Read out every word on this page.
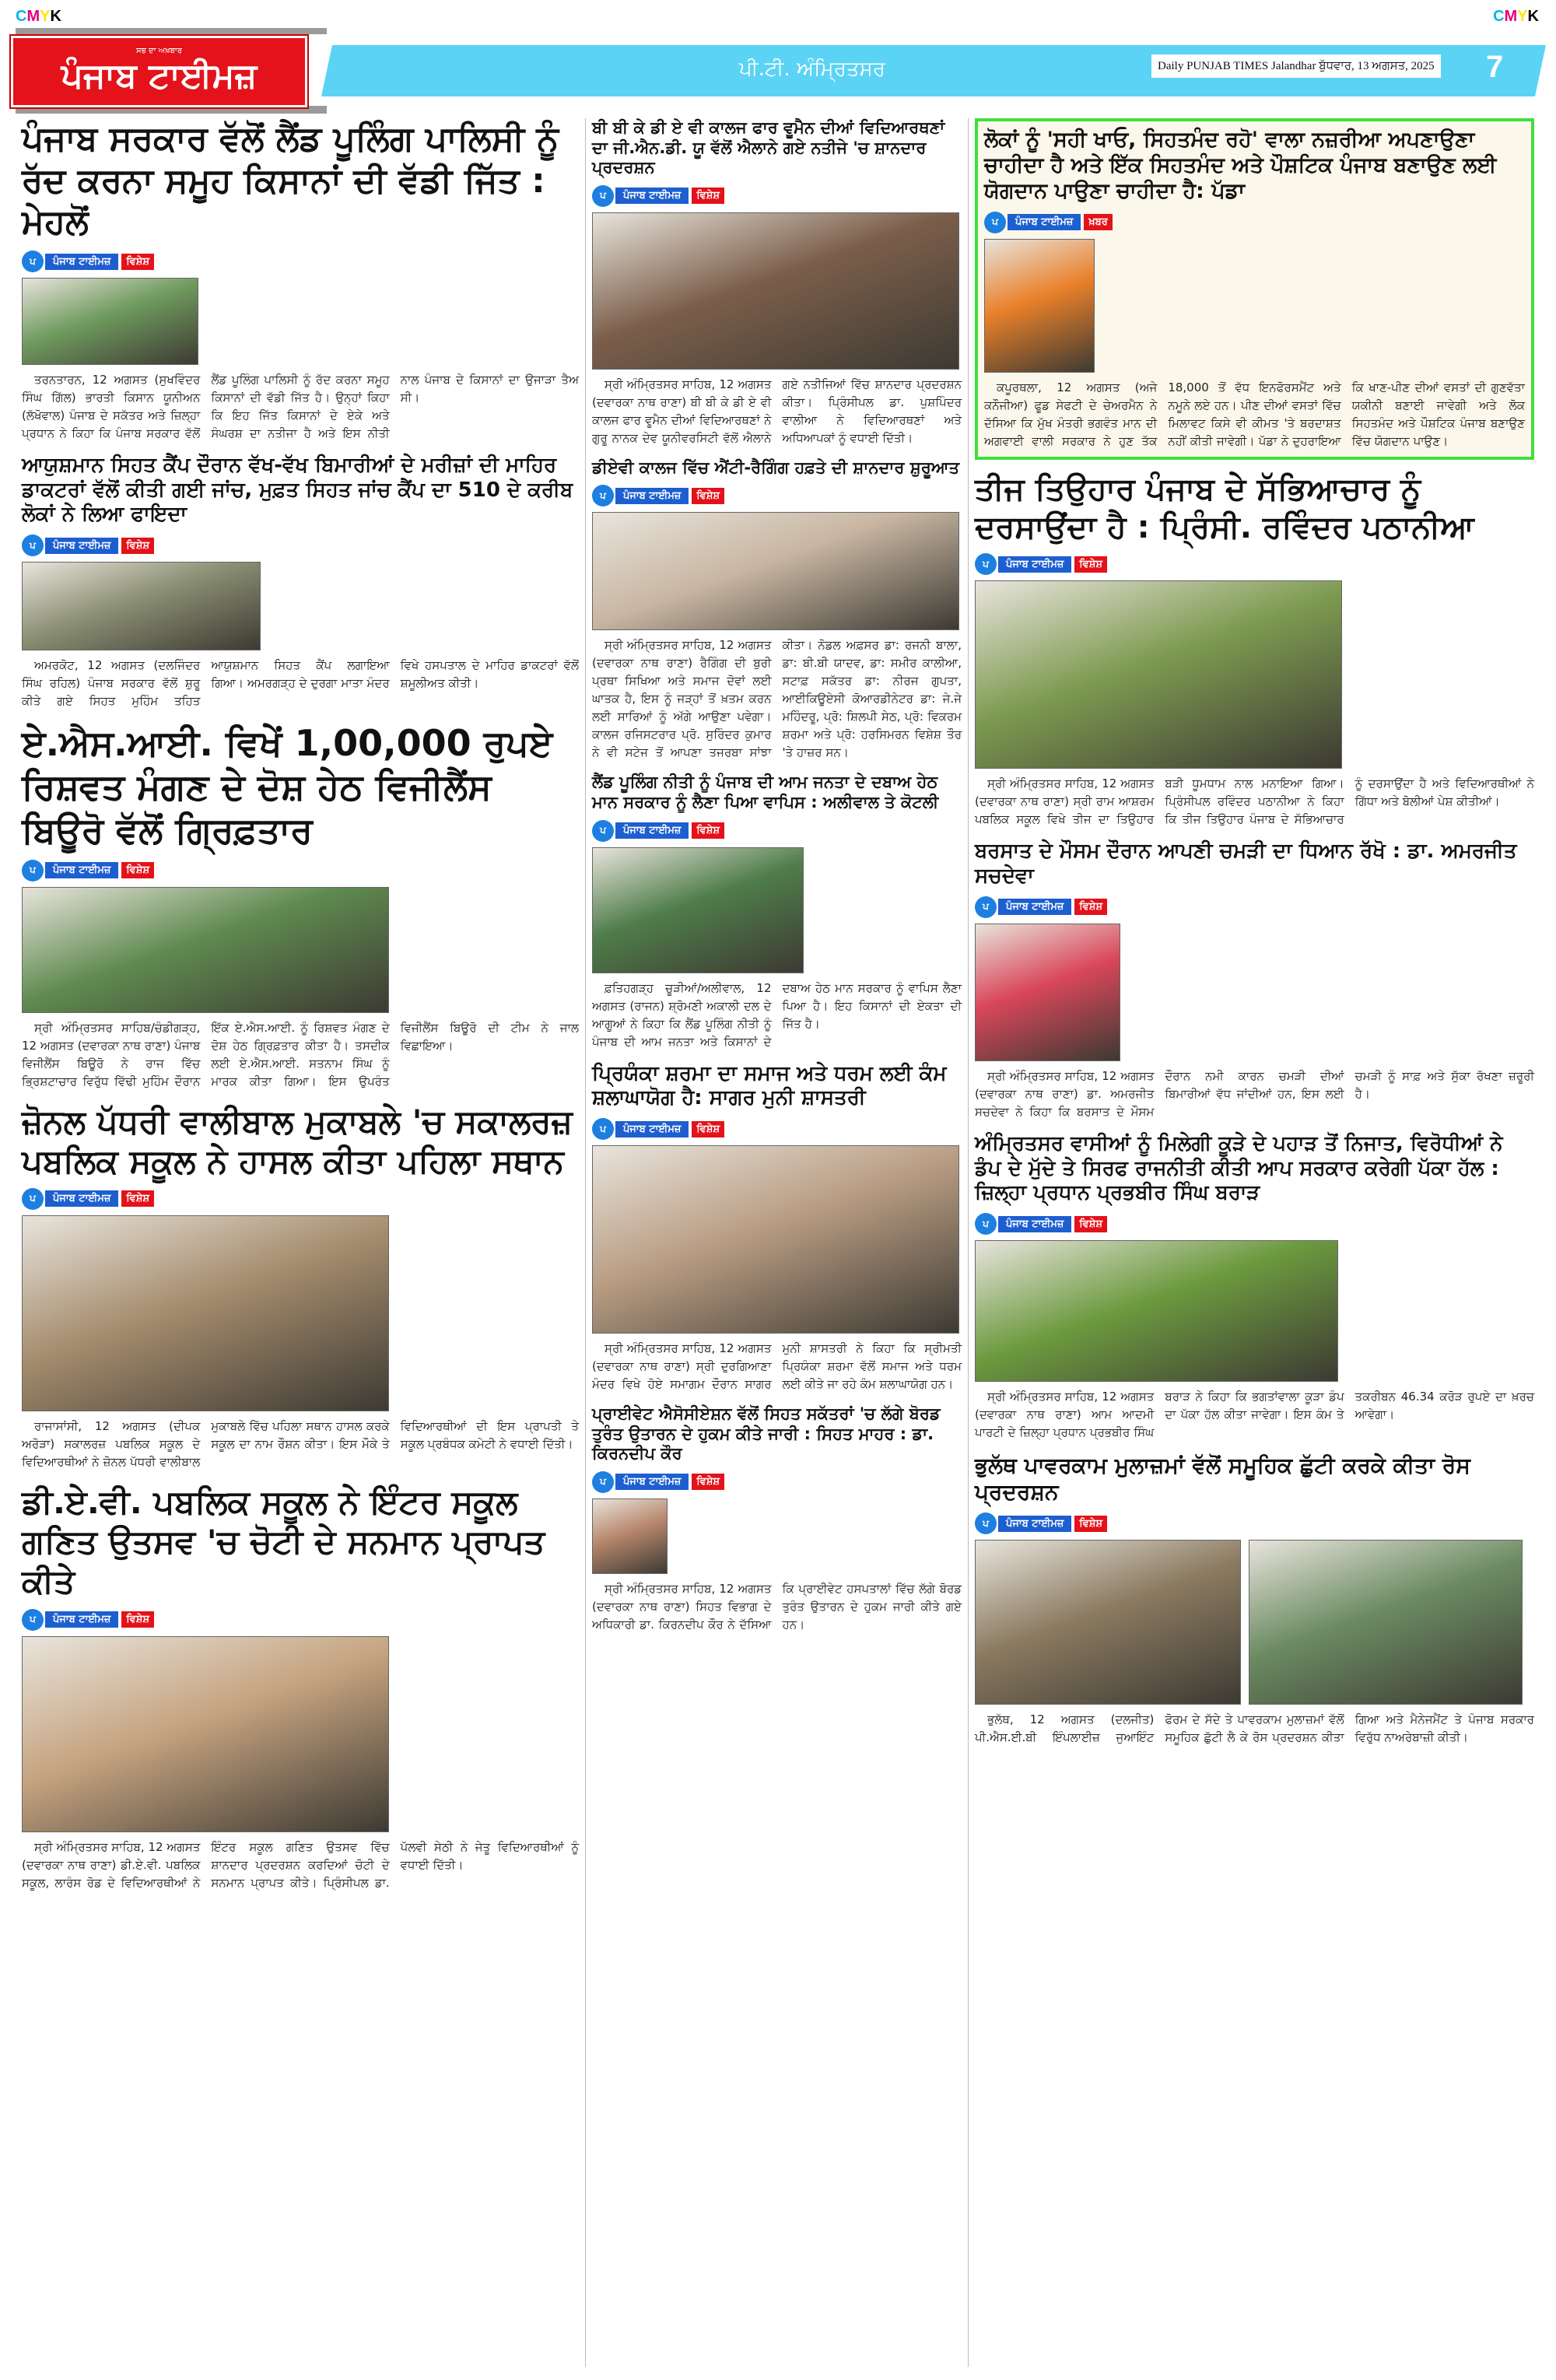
CMYK	CMYK
ਸਭ ਦਾ ਅਖ਼ਬਾਰ
ਪੰਜਾਬ ਟਾਈਮਜ਼	ਪੀ.ਟੀ. ਅੰਮ੍ਰਿਤਸਰ	Daily PUNJAB TIMES Jalandhar ਬੁੱਧਵਾਰ, 13 ਅਗਸਤ, 2025 7
ਪੰਜਾਬ ਸਰਕਾਰ ਵੱਲੋਂ ਲੈਂਡ ਪੂਲਿੰਗ ਪਾਲਿਸੀ ਨੂੰ ਰੱਦ ਕਰਨਾ ਸਮੂਹ ਕਿਸਾਨਾਂ ਦੀ ਵੱਡੀ ਜਿੱਤ : ਮੇਹਲੋਂ
ਪ	ਪੰਜਾਬ ਟਾਈਮਜ਼	ਵਿਸ਼ੇਸ਼

ਤਰਨਤਾਰਨ, 12 ਅਗਸਤ (ਸੁਖਵਿੰਦਰ ਸਿੰਘ ਗਿੱਲ) ਭਾਰਤੀ ਕਿਸਾਨ ਯੂਨੀਅਨ (ਲੱਖੋਵਾਲ) ਪੰਜਾਬ ਦੇ ਸਕੱਤਰ ਅਤੇ ਜ਼ਿਲ੍ਹਾ ਪ੍ਰਧਾਨ ਨੇ ਕਿਹਾ ਕਿ ਪੰਜਾਬ ਸਰਕਾਰ ਵੱਲੋਂ ਲੈਂਡ ਪੂਲਿੰਗ ਪਾਲਿਸੀ ਨੂੰ ਰੱਦ ਕਰਨਾ ਸਮੂਹ ਕਿਸਾਨਾਂ ਦੀ ਵੱਡੀ ਜਿੱਤ ਹੈ। ਉਨ੍ਹਾਂ ਕਿਹਾ ਕਿ ਇਹ ਜਿੱਤ ਕਿਸਾਨਾਂ ਦੇ ਏਕੇ ਅਤੇ ਸੰਘਰਸ਼ ਦਾ ਨਤੀਜਾ ਹੈ ਅਤੇ ਇਸ ਨੀਤੀ ਨਾਲ ਪੰਜਾਬ ਦੇ ਕਿਸਾਨਾਂ ਦਾ ਉਜਾੜਾ ਤੈਅ ਸੀ।

ਆਯੁਸ਼ਮਾਨ ਸਿਹਤ ਕੈਂਪ ਦੌਰਾਨ ਵੱਖ-ਵੱਖ ਬਿਮਾਰੀਆਂ ਦੇ ਮਰੀਜ਼ਾਂ ਦੀ ਮਾਹਿਰ ਡਾਕਟਰਾਂ ਵੱਲੋਂ ਕੀਤੀ ਗਈ ਜਾਂਚ, ਮੁਫ਼ਤ ਸਿਹਤ ਜਾਂਚ ਕੈਂਪ ਦਾ 510 ਦੇ ਕਰੀਬ ਲੋਕਾਂ ਨੇ ਲਿਆ ਫਾਇਦਾ
ਪ	ਪੰਜਾਬ ਟਾਈਮਜ਼	ਵਿਸ਼ੇਸ਼

ਅਮਰਕੋਟ, 12 ਅਗਸਤ (ਦਲਜਿੰਦਰ ਸਿੰਘ ਰਹਿਲ) ਪੰਜਾਬ ਸਰਕਾਰ ਵੱਲੋਂ ਸ਼ੁਰੂ ਕੀਤੇ ਗਏ ਸਿਹਤ ਮੁਹਿੰਮ ਤਹਿਤ ਆਯੁਸ਼ਮਾਨ ਸਿਹਤ ਕੈਂਪ ਲਗਾਇਆ ਗਿਆ। ਅਮਰਗੜ੍ਹ ਦੇ ਦੁਰਗਾ ਮਾਤਾ ਮੰਦਰ ਵਿਖੇ ਹਸਪਤਾਲ ਦੇ ਮਾਹਿਰ ਡਾਕਟਰਾਂ ਵੱਲੋਂ ਸ਼ਮੂਲੀਅਤ ਕੀਤੀ।

ਏ.ਐਸ.ਆਈ. ਵਿਖੇਂ 1,00,000 ਰੁਪਏ ਰਿਸ਼ਵਤ ਮੰਗਣ ਦੇ ਦੋਸ਼ ਹੇਠ ਵਿਜੀਲੈਂਸ ਬਿਊਰੋ ਵੱਲੋਂ ਗ੍ਰਿਫ਼ਤਾਰ
ਪ	ਪੰਜਾਬ ਟਾਈਮਜ਼	ਵਿਸ਼ੇਸ਼

ਸ੍ਰੀ ਅੰਮ੍ਰਿਤਸਰ ਸਾਹਿਬ/ਚੰਡੀਗੜ੍ਹ, 12 ਅਗਸਤ (ਦਵਾਰਕਾ ਨਾਥ ਰਾਣਾ) ਪੰਜਾਬ ਵਿਜੀਲੈਂਸ ਬਿਊਰੋ ਨੇ ਰਾਜ ਵਿੱਚ ਭ੍ਰਿਸ਼ਟਾਚਾਰ ਵਿਰੁੱਧ ਵਿੱਢੀ ਮੁਹਿੰਮ ਦੌਰਾਨ ਇੱਕ ਏ.ਐਸ.ਆਈ. ਨੂੰ ਰਿਸ਼ਵਤ ਮੰਗਣ ਦੇ ਦੋਸ਼ ਹੇਠ ਗ੍ਰਿਫ਼ਤਾਰ ਕੀਤਾ ਹੈ। ਤਸਦੀਕ ਲਈ ਏ.ਐਸ.ਆਈ. ਸਤਨਾਮ ਸਿੰਘ ਨੂੰ ਮਾਰਕ ਕੀਤਾ ਗਿਆ। ਇਸ ਉਪਰੰਤ ਵਿਜੀਲੈਂਸ ਬਿਊਰੋ ਦੀ ਟੀਮ ਨੇ ਜਾਲ ਵਿਛਾਇਆ।

ਜ਼ੋਨਲ ਪੱਧਰੀ ਵਾਲੀਬਾਲ ਮੁਕਾਬਲੇ 'ਚ ਸਕਾਲਰਜ਼ ਪਬਲਿਕ ਸਕੂਲ ਨੇ ਹਾਸਲ ਕੀਤਾ ਪਹਿਲਾ ਸਥਾਨ
ਪ	ਪੰਜਾਬ ਟਾਈਮਜ਼	ਵਿਸ਼ੇਸ਼

ਰਾਜਾਸਾਂਸੀ, 12 ਅਗਸਤ (ਦੀਪਕ ਅਰੋੜਾ) ਸਕਾਲਰਜ਼ ਪਬਲਿਕ ਸਕੂਲ ਦੇ ਵਿਦਿਆਰਥੀਆਂ ਨੇ ਜ਼ੋਨਲ ਪੱਧਰੀ ਵਾਲੀਬਾਲ ਮੁਕਾਬਲੇ ਵਿੱਚ ਪਹਿਲਾ ਸਥਾਨ ਹਾਸਲ ਕਰਕੇ ਸਕੂਲ ਦਾ ਨਾਮ ਰੌਸ਼ਨ ਕੀਤਾ। ਇਸ ਮੌਕੇ ਤੇ ਵਿਦਿਆਰਥੀਆਂ ਦੀ ਇਸ ਪ੍ਰਾਪਤੀ ਤੇ ਸਕੂਲ ਪ੍ਰਬੰਧਕ ਕਮੇਟੀ ਨੇ ਵਧਾਈ ਦਿੱਤੀ।

ਡੀ.ਏ.ਵੀ. ਪਬਲਿਕ ਸਕੂਲ ਨੇ ਇੰਟਰ ਸਕੂਲ ਗਣਿਤ ਉਤਸਵ 'ਚ ਚੋਟੀ ਦੇ ਸਨਮਾਨ ਪ੍ਰਾਪਤ ਕੀਤੇ
ਪ	ਪੰਜਾਬ ਟਾਈਮਜ਼	ਵਿਸ਼ੇਸ਼

ਸ੍ਰੀ ਅੰਮ੍ਰਿਤਸਰ ਸਾਹਿਬ, 12 ਅਗਸਤ (ਦਵਾਰਕਾ ਨਾਥ ਰਾਣਾ) ਡੀ.ਏ.ਵੀ. ਪਬਲਿਕ ਸਕੂਲ, ਲਾਰੰਸ ਰੋਡ ਦੇ ਵਿਦਿਆਰਥੀਆਂ ਨੇ ਇੰਟਰ ਸਕੂਲ ਗਣਿਤ ਉਤਸਵ ਵਿੱਚ ਸ਼ਾਨਦਾਰ ਪ੍ਰਦਰਸ਼ਨ ਕਰਦਿਆਂ ਚੋਟੀ ਦੇ ਸਨਮਾਨ ਪ੍ਰਾਪਤ ਕੀਤੇ। ਪ੍ਰਿੰਸੀਪਲ ਡਾ. ਪੱਲਵੀ ਸੇਠੀ ਨੇ ਜੇਤੂ ਵਿਦਿਆਰਥੀਆਂ ਨੂੰ ਵਧਾਈ ਦਿੱਤੀ।

ਬੀ ਬੀ ਕੇ ਡੀ ਏ ਵੀ ਕਾਲਜ ਫਾਰ ਵੂਮੈਨ ਦੀਆਂ ਵਿਦਿਆਰਥਣਾਂ ਦਾ ਜੀ.ਐਨ.ਡੀ. ਯੂ ਵੱਲੋਂ ਐਲਾਨੇ ਗਏ ਨਤੀਜੇ 'ਚ ਸ਼ਾਨਦਾਰ ਪ੍ਰਦਰਸ਼ਨ
ਪ	ਪੰਜਾਬ ਟਾਈਮਜ਼	ਵਿਸ਼ੇਸ਼

ਸ੍ਰੀ ਅੰਮ੍ਰਿਤਸਰ ਸਾਹਿਬ, 12 ਅਗਸਤ (ਦਵਾਰਕਾ ਨਾਥ ਰਾਣਾ) ਬੀ ਬੀ ਕੇ ਡੀ ਏ ਵੀ ਕਾਲਜ ਫਾਰ ਵੂਮੈਨ ਦੀਆਂ ਵਿਦਿਆਰਥਣਾਂ ਨੇ ਗੁਰੂ ਨਾਨਕ ਦੇਵ ਯੂਨੀਵਰਸਿਟੀ ਵੱਲੋਂ ਐਲਾਨੇ ਗਏ ਨਤੀਜਿਆਂ ਵਿੱਚ ਸ਼ਾਨਦਾਰ ਪ੍ਰਦਰਸ਼ਨ ਕੀਤਾ। ਪ੍ਰਿੰਸੀਪਲ ਡਾ. ਪੁਸ਼ਪਿੰਦਰ ਵਾਲੀਆ ਨੇ ਵਿਦਿਆਰਥਣਾਂ ਅਤੇ ਅਧਿਆਪਕਾਂ ਨੂੰ ਵਧਾਈ ਦਿੱਤੀ।

ਡੀਏਵੀ ਕਾਲਜ ਵਿੱਚ ਐਂਟੀ-ਰੈਗਿੰਗ ਹਫ਼ਤੇ ਦੀ ਸ਼ਾਨਦਾਰ ਸ਼ੁਰੂਆਤ
ਪ	ਪੰਜਾਬ ਟਾਈਮਜ਼	ਵਿਸ਼ੇਸ਼

ਸ੍ਰੀ ਅੰਮ੍ਰਿਤਸਰ ਸਾਹਿਬ, 12 ਅਗਸਤ (ਦਵਾਰਕਾ ਨਾਥ ਰਾਣਾ) ਰੈਗਿੰਗ ਦੀ ਬੁਰੀ ਪ੍ਰਥਾ ਸਿਖਿਆ ਅਤੇ ਸਮਾਜ ਦੋਵਾਂ ਲਈ ਘਾਤਕ ਹੈ, ਇਸ ਨੂੰ ਜੜ੍ਹਾਂ ਤੋਂ ਖ਼ਤਮ ਕਰਨ ਲਈ ਸਾਰਿਆਂ ਨੂੰ ਅੱਗੇ ਆਉਣਾ ਪਵੇਗਾ। ਕਾਲਜ ਰਜਿਸਟਰਾਰ ਪ੍ਰੋ. ਸੁਰਿੰਦਰ ਕੁਮਾਰ ਨੇ ਵੀ ਸਟੇਜ ਤੋਂ ਆਪਣਾ ਤਜਰਬਾ ਸਾਂਝਾ ਕੀਤਾ। ਨੋਡਲ ਅਫ਼ਸਰ ਡਾ: ਰਜਨੀ ਬਾਲਾ, ਡਾ: ਬੀ.ਬੀ ਯਾਦਵ, ਡਾ: ਸਮੀਰ ਕਾਲੀਆ, ਸਟਾਫ਼ ਸਕੱਤਰ ਡਾ: ਨੀਰਜ ਗੁਪਤਾ, ਆਈਕਿਊਏਸੀ ਕੋਆਰਡੀਨੇਟਰ ਡਾ: ਜੇ.ਜੇ ਮਹਿੰਦਰੂ, ਪ੍ਰੋ: ਸ਼ਿਲਪੀ ਸੇਠ, ਪ੍ਰੋ: ਵਿਕਰਮ ਸ਼ਰਮਾ ਅਤੇ ਪ੍ਰੋ: ਹਰਸਿਮਰਨ ਵਿਸ਼ੇਸ਼ ਤੌਰ 'ਤੇ ਹਾਜ਼ਰ ਸਨ।

ਲੈਂਡ ਪੂਲਿੰਗ ਨੀਤੀ ਨੂੰ ਪੰਜਾਬ ਦੀ ਆਮ ਜਨਤਾ ਦੇ ਦਬਾਅ ਹੇਠ ਮਾਨ ਸਰਕਾਰ ਨੂੰ ਲੈਣਾ ਪਿਆ ਵਾਪਿਸ : ਅਲੀਵਾਲ ਤੇ ਕੋਟਲੀ
ਪ	ਪੰਜਾਬ ਟਾਈਮਜ਼	ਵਿਸ਼ੇਸ਼

ਫ਼ਤਿਹਗੜ੍ਹ ਚੂੜੀਆਂ/ਅਲੀਵਾਲ, 12 ਅਗਸਤ (ਰਾਜਨ) ਸ਼੍ਰੋਮਣੀ ਅਕਾਲੀ ਦਲ ਦੇ ਆਗੂਆਂ ਨੇ ਕਿਹਾ ਕਿ ਲੈਂਡ ਪੂਲਿੰਗ ਨੀਤੀ ਨੂੰ ਪੰਜਾਬ ਦੀ ਆਮ ਜਨਤਾ ਅਤੇ ਕਿਸਾਨਾਂ ਦੇ ਦਬਾਅ ਹੇਠ ਮਾਨ ਸਰਕਾਰ ਨੂੰ ਵਾਪਿਸ ਲੈਣਾ ਪਿਆ ਹੈ। ਇਹ ਕਿਸਾਨਾਂ ਦੀ ਏਕਤਾ ਦੀ ਜਿੱਤ ਹੈ।

ਪ੍ਰਿਯੰਕਾ ਸ਼ਰਮਾ ਦਾ ਸਮਾਜ ਅਤੇ ਧਰਮ ਲਈ ਕੰਮ ਸ਼ਲਾਘਾਯੋਗ ਹੈ: ਸਾਗਰ ਮੁਨੀ ਸ਼ਾਸਤਰੀ
ਪ	ਪੰਜਾਬ ਟਾਈਮਜ਼	ਵਿਸ਼ੇਸ਼

ਸ੍ਰੀ ਅੰਮ੍ਰਿਤਸਰ ਸਾਹਿਬ, 12 ਅਗਸਤ (ਦਵਾਰਕਾ ਨਾਥ ਰਾਣਾ) ਸ੍ਰੀ ਦੁਰਗਿਆਣਾ ਮੰਦਰ ਵਿਖੇ ਹੋਏ ਸਮਾਗਮ ਦੌਰਾਨ ਸਾਗਰ ਮੁਨੀ ਸ਼ਾਸਤਰੀ ਨੇ ਕਿਹਾ ਕਿ ਸ੍ਰੀਮਤੀ ਪ੍ਰਿਯੰਕਾ ਸ਼ਰਮਾ ਵੱਲੋਂ ਸਮਾਜ ਅਤੇ ਧਰਮ ਲਈ ਕੀਤੇ ਜਾ ਰਹੇ ਕੰਮ ਸ਼ਲਾਘਾਯੋਗ ਹਨ।

ਪ੍ਰਾਈਵੇਟ ਐਸੋਸੀਏਸ਼ਨ ਵੱਲੋਂ ਸਿਹਤ ਸਕੱਤਰਾਂ 'ਚ ਲੱਗੇ ਬੋਰਡ ਤੁਰੰਤ ਉਤਾਰਨ ਦੇ ਹੁਕਮ ਕੀਤੇ ਜਾਰੀ : ਸਿਹਤ ਮਾਹਰ : ਡਾ. ਕਿਰਨਦੀਪ ਕੌਰ
ਪ	ਪੰਜਾਬ ਟਾਈਮਜ਼	ਵਿਸ਼ੇਸ਼

ਸ੍ਰੀ ਅੰਮ੍ਰਿਤਸਰ ਸਾਹਿਬ, 12 ਅਗਸਤ (ਦਵਾਰਕਾ ਨਾਥ ਰਾਣਾ) ਸਿਹਤ ਵਿਭਾਗ ਦੇ ਅਧਿਕਾਰੀ ਡਾ. ਕਿਰਨਦੀਪ ਕੌਰ ਨੇ ਦੱਸਿਆ ਕਿ ਪ੍ਰਾਈਵੇਟ ਹਸਪਤਾਲਾਂ ਵਿੱਚ ਲੱਗੇ ਬੋਰਡ ਤੁਰੰਤ ਉਤਾਰਨ ਦੇ ਹੁਕਮ ਜਾਰੀ ਕੀਤੇ ਗਏ ਹਨ।

ਲੋਕਾਂ ਨੂੰ 'ਸਹੀ ਖਾਓ, ਸਿਹਤਮੰਦ ਰਹੋ' ਵਾਲਾ ਨਜ਼ਰੀਆ ਅਪਣਾਉਣਾ ਚਾਹੀਦਾ ਹੈ ਅਤੇ ਇੱਕ ਸਿਹਤਮੰਦ ਅਤੇ ਪੌਸ਼ਟਿਕ ਪੰਜਾਬ ਬਣਾਉਣ ਲਈ ਯੋਗਦਾਨ ਪਾਉਣਾ ਚਾਹੀਦਾ ਹੈ: ਪੱਡਾ
ਪ	ਪੰਜਾਬ ਟਾਈਮਜ਼	ਖ਼ਬਰ

ਕਪੂਰਥਲਾ, 12 ਅਗਸਤ (ਅਜੇ ਕਨੌਜੀਆ) ਫੂਡ ਸੇਫਟੀ ਦੇ ਚੇਅਰਮੈਨ ਨੇ ਦੱਸਿਆ ਕਿ ਮੁੱਖ ਮੰਤਰੀ ਭਗਵੰਤ ਮਾਨ ਦੀ ਅਗਵਾਈ ਵਾਲੀ ਸਰਕਾਰ ਨੇ ਹੁਣ ਤੱਕ 18,000 ਤੋਂ ਵੱਧ ਇਨਫੋਰਸਮੈਂਟ ਅਤੇ ਨਮੂਨੇ ਲਏ ਹਨ। ਪੀਣ ਦੀਆਂ ਵਸਤਾਂ ਵਿੱਚ ਮਿਲਾਵਟ ਕਿਸੇ ਵੀ ਕੀਮਤ 'ਤੇ ਬਰਦਾਸ਼ਤ ਨਹੀਂ ਕੀਤੀ ਜਾਵੇਗੀ। ਪੱਡਾ ਨੇ ਦੁਹਰਾਇਆ ਕਿ ਖਾਣ-ਪੀਣ ਦੀਆਂ ਵਸਤਾਂ ਦੀ ਗੁਣਵੱਤਾ ਯਕੀਨੀ ਬਣਾਈ ਜਾਵੇਗੀ ਅਤੇ ਲੋਕ ਸਿਹਤਮੰਦ ਅਤੇ ਪੌਸ਼ਟਿਕ ਪੰਜਾਬ ਬਣਾਉਣ ਵਿੱਚ ਯੋਗਦਾਨ ਪਾਉਣ।

ਤੀਜ ਤਿਉਹਾਰ ਪੰਜਾਬ ਦੇ ਸੱਭਿਆਚਾਰ ਨੂੰ ਦਰਸਾਉਂਦਾ ਹੈ : ਪ੍ਰਿੰਸੀ. ਰਵਿੰਦਰ ਪਠਾਨੀਆ
ਪ	ਪੰਜਾਬ ਟਾਈਮਜ਼	ਵਿਸ਼ੇਸ਼

ਸ੍ਰੀ ਅੰਮ੍ਰਿਤਸਰ ਸਾਹਿਬ, 12 ਅਗਸਤ (ਦਵਾਰਕਾ ਨਾਥ ਰਾਣਾ) ਸ੍ਰੀ ਰਾਮ ਆਸ਼ਰਮ ਪਬਲਿਕ ਸਕੂਲ ਵਿਖੇ ਤੀਜ ਦਾ ਤਿਉਹਾਰ ਬੜੀ ਧੂਮਧਾਮ ਨਾਲ ਮਨਾਇਆ ਗਿਆ। ਪ੍ਰਿੰਸੀਪਲ ਰਵਿੰਦਰ ਪਠਾਨੀਆ ਨੇ ਕਿਹਾ ਕਿ ਤੀਜ ਤਿਉਹਾਰ ਪੰਜਾਬ ਦੇ ਸੱਭਿਆਚਾਰ ਨੂੰ ਦਰਸਾਉਂਦਾ ਹੈ ਅਤੇ ਵਿਦਿਆਰਥੀਆਂ ਨੇ ਗਿੱਧਾ ਅਤੇ ਬੋਲੀਆਂ ਪੇਸ਼ ਕੀਤੀਆਂ।

ਬਰਸਾਤ ਦੇ ਮੌਸਮ ਦੌਰਾਨ ਆਪਣੀ ਚਮੜੀ ਦਾ ਧਿਆਨ ਰੱਖੋ : ਡਾ. ਅਮਰਜੀਤ ਸਚਦੇਵਾ
ਪ	ਪੰਜਾਬ ਟਾਈਮਜ਼	ਵਿਸ਼ੇਸ਼

ਸ੍ਰੀ ਅੰਮ੍ਰਿਤਸਰ ਸਾਹਿਬ, 12 ਅਗਸਤ (ਦਵਾਰਕਾ ਨਾਥ ਰਾਣਾ) ਡਾ. ਅਮਰਜੀਤ ਸਚਦੇਵਾ ਨੇ ਕਿਹਾ ਕਿ ਬਰਸਾਤ ਦੇ ਮੌਸਮ ਦੌਰਾਨ ਨਮੀ ਕਾਰਨ ਚਮੜੀ ਦੀਆਂ ਬਿਮਾਰੀਆਂ ਵੱਧ ਜਾਂਦੀਆਂ ਹਨ, ਇਸ ਲਈ ਚਮੜੀ ਨੂੰ ਸਾਫ਼ ਅਤੇ ਸੁੱਕਾ ਰੱਖਣਾ ਜ਼ਰੂਰੀ ਹੈ।

ਅੰਮ੍ਰਿਤਸਰ ਵਾਸੀਆਂ ਨੂੰ ਮਿਲੇਗੀ ਕੂੜੇ ਦੇ ਪਹਾੜ ਤੋਂ ਨਿਜਾਤ, ਵਿਰੋਧੀਆਂ ਨੇ ਡੰਪ ਦੇ ਮੁੱਦੇ ਤੇ ਸਿਰਫ ਰਾਜਨੀਤੀ ਕੀਤੀ ਆਪ ਸਰਕਾਰ ਕਰੇਗੀ ਪੱਕਾ ਹੱਲ : ਜ਼ਿਲ੍ਹਾ ਪ੍ਰਧਾਨ ਪ੍ਰਭਬੀਰ ਸਿੰਘ ਬਰਾੜ
ਪ	ਪੰਜਾਬ ਟਾਈਮਜ਼	ਵਿਸ਼ੇਸ਼

ਸ੍ਰੀ ਅੰਮ੍ਰਿਤਸਰ ਸਾਹਿਬ, 12 ਅਗਸਤ (ਦਵਾਰਕਾ ਨਾਥ ਰਾਣਾ) ਆਮ ਆਦਮੀ ਪਾਰਟੀ ਦੇ ਜ਼ਿਲ੍ਹਾ ਪ੍ਰਧਾਨ ਪ੍ਰਭਬੀਰ ਸਿੰਘ ਬਰਾੜ ਨੇ ਕਿਹਾ ਕਿ ਭਗਤਾਂਵਾਲਾ ਕੂੜਾ ਡੰਪ ਦਾ ਪੱਕਾ ਹੱਲ ਕੀਤਾ ਜਾਵੇਗਾ। ਇਸ ਕੰਮ ਤੇ ਤਕਰੀਬਨ 46.34 ਕਰੋੜ ਰੁਪਏ ਦਾ ਖ਼ਰਚ ਆਵੇਗਾ।

ਭੁਲੱਥ ਪਾਵਰਕਾਮ ਮੁਲਾਜ਼ਮਾਂ ਵੱਲੋਂ ਸਮੂਹਿਕ ਛੁੱਟੀ ਕਰਕੇ ਕੀਤਾ ਰੋਸ ਪ੍ਰਦਰਸ਼ਨ
ਪ	ਪੰਜਾਬ ਟਾਈਮਜ਼	ਵਿਸ਼ੇਸ਼

ਭੁਲੱਥ, 12 ਅਗਸਤ (ਦਲਜੀਤ) ਪੀ.ਐਸ.ਈ.ਬੀ ਇੰਪਲਾਈਜ਼ ਜੁਆਇੰਟ ਫੋਰਮ ਦੇ ਸੱਦੇ ਤੇ ਪਾਵਰਕਾਮ ਮੁਲਾਜ਼ਮਾਂ ਵੱਲੋਂ ਸਮੂਹਿਕ ਛੁੱਟੀ ਲੈ ਕੇ ਰੋਸ ਪ੍ਰਦਰਸ਼ਨ ਕੀਤਾ ਗਿਆ ਅਤੇ ਮੈਨੇਜਮੈਂਟ ਤੇ ਪੰਜਾਬ ਸਰਕਾਰ ਵਿਰੁੱਧ ਨਾਅਰੇਬਾਜ਼ੀ ਕੀਤੀ।
